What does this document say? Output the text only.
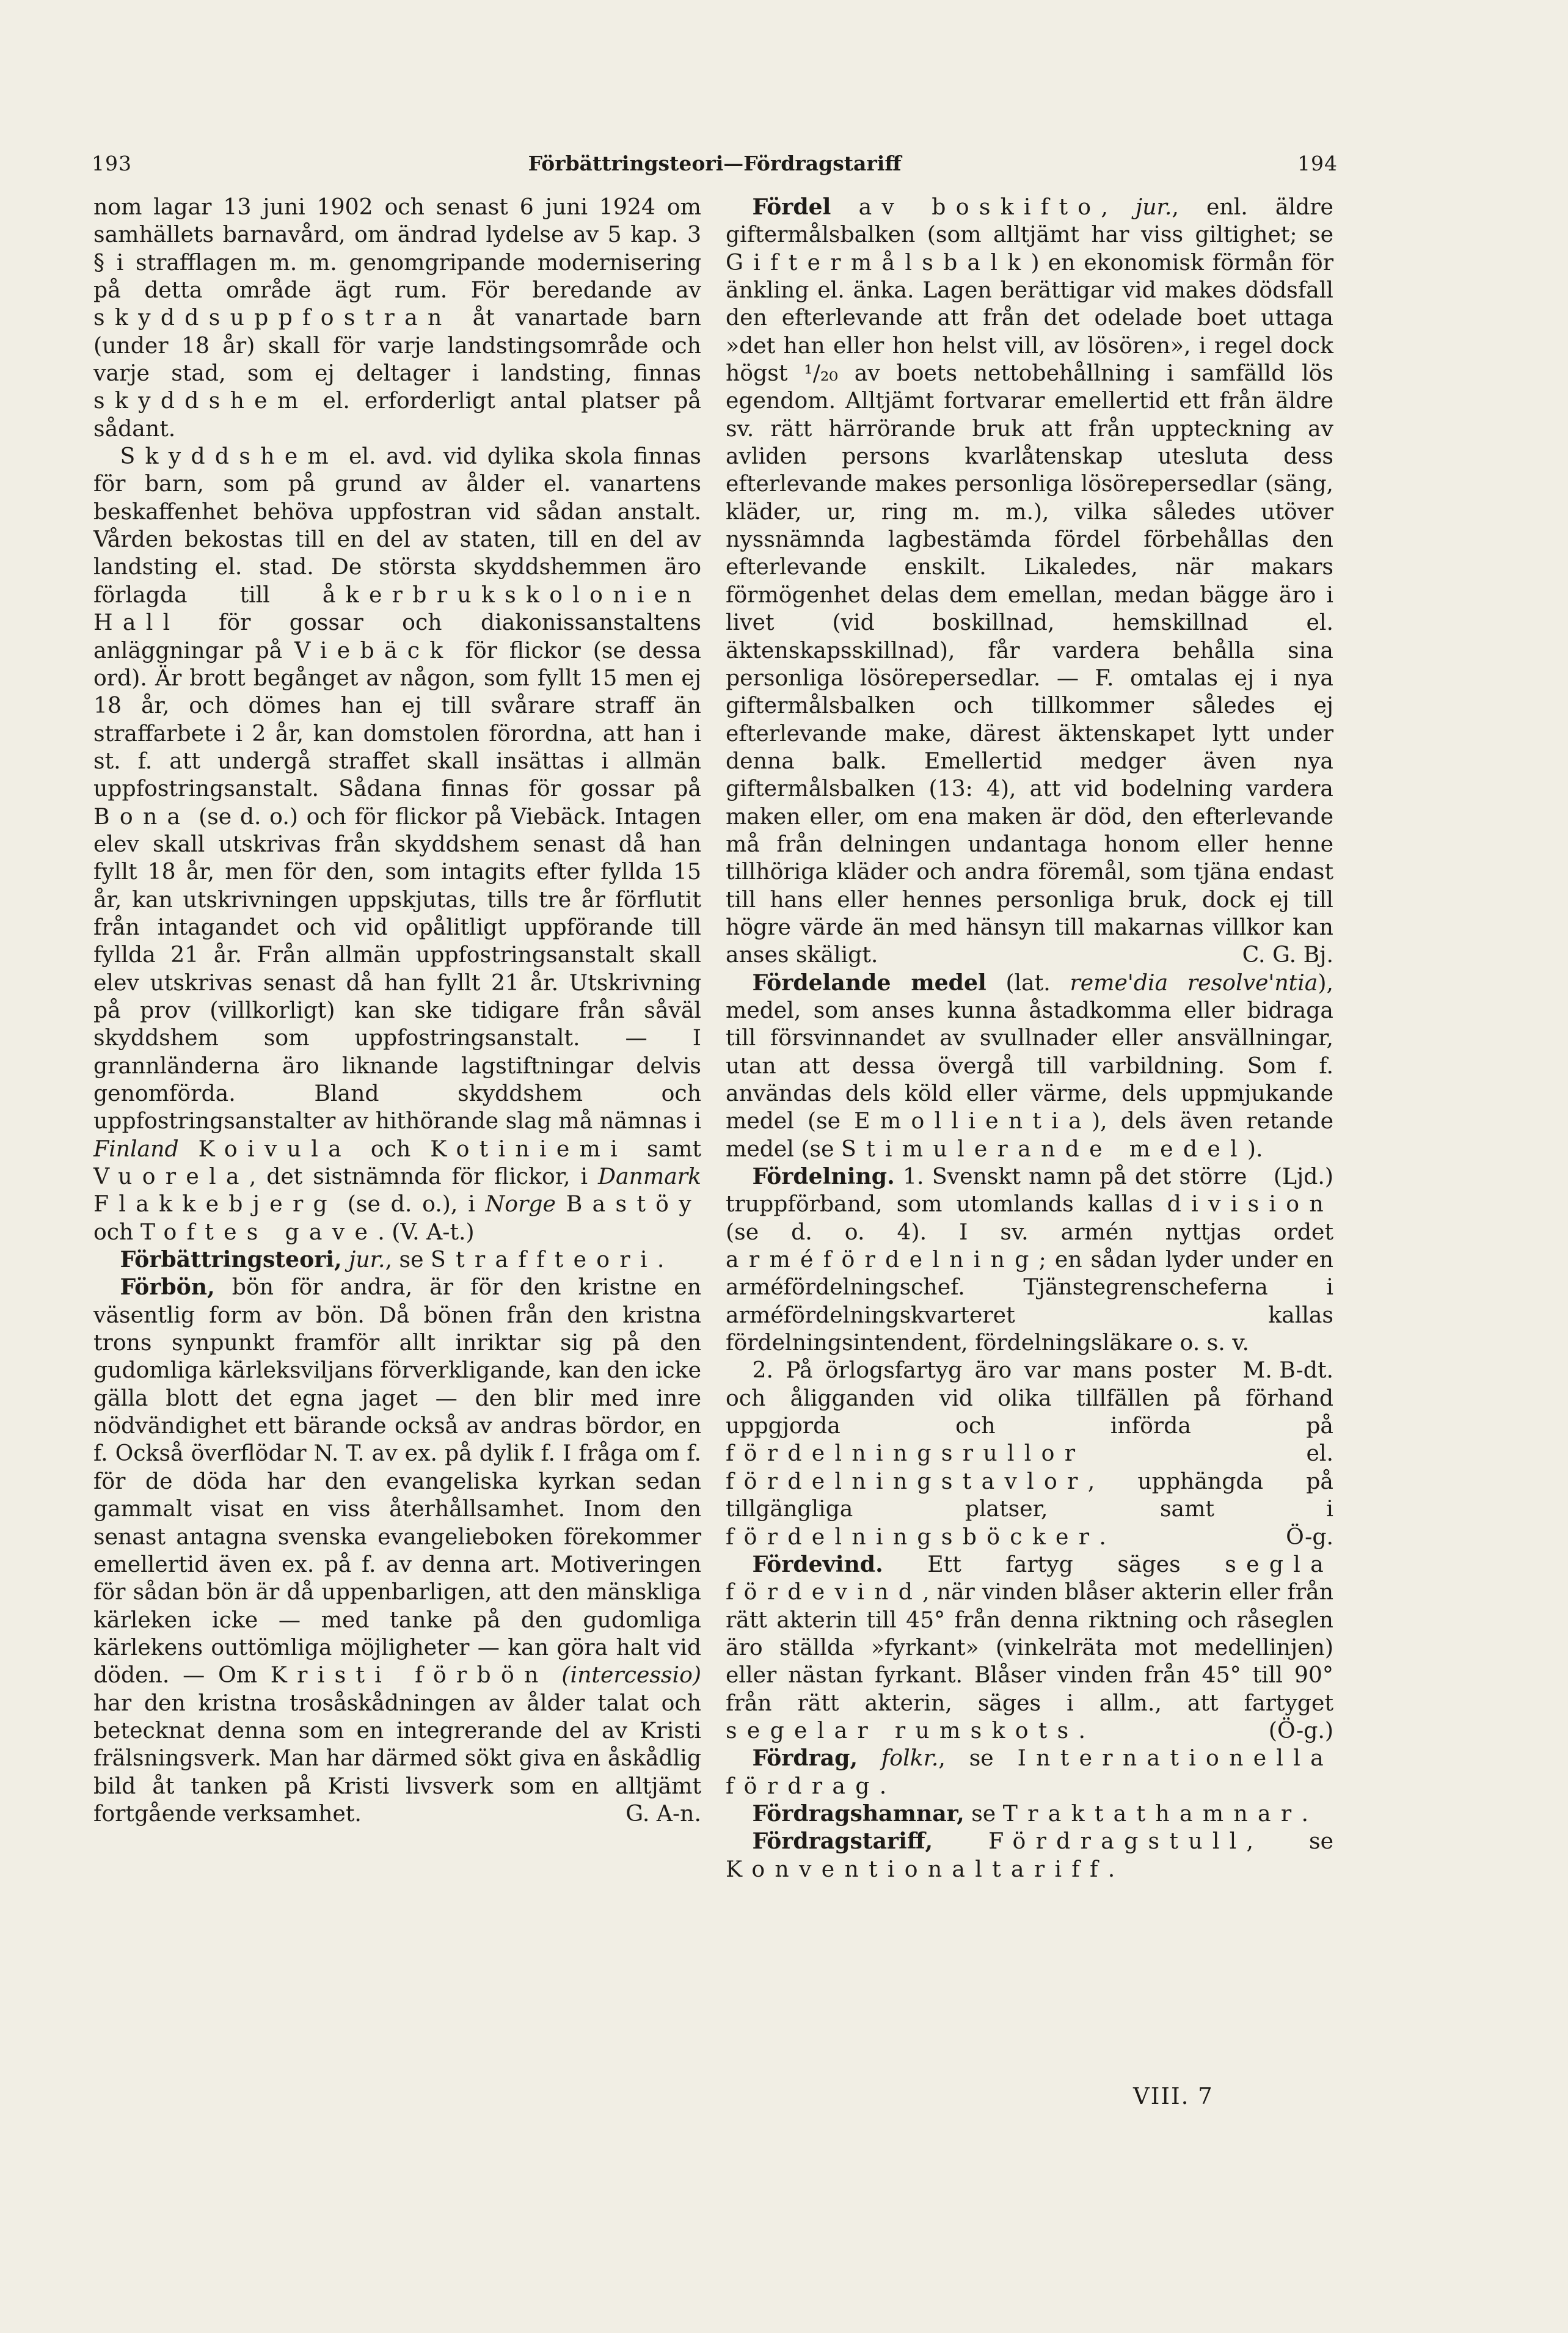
193	Förbättringsteori—Fördragstariff	194

nom lagar 13 juni 1902 och senast 6 juni 1924 om samhällets barnavård, om ändrad lydelse av 5 kap. 3 § i strafflagen m. m. genomgripande modernisering på detta område ägt rum. För beredande av skyddsuppfostran åt vanartade barn (under 18 år) skall för varje landstingsområde och varje stad, som ej deltager i landsting, finnas skyddshem el. erforderligt antal platser på sådant.

Skyddshem el. avd. vid dylika skola finnas för barn, som på grund av ålder el. vanartens beskaffenhet behöva uppfostran vid sådan anstalt. Vården bekostas till en del av staten, till en del av landsting el. stad. De största skyddshemmen äro förlagda till åkerbrukskolonien Hall för gossar och diakonissanstaltens anläggningar på Viebäck för flickor (se dessa ord). Är brott begånget av någon, som fyllt 15 men ej 18 år, och dömes han ej till svårare straff än straffarbete i 2 år, kan domstolen förordna, att han i st. f. att undergå straffet skall insättas i allmän uppfostringsanstalt. Sådana finnas för gossar på Bona (se d. o.) och för flickor på Viebäck. Intagen elev skall utskrivas från skyddshem senast då han fyllt 18 år, men för den, som intagits efter fyllda 15 år, kan utskrivningen uppskjutas, tills tre år förflutit från intagandet och vid opålitligt uppförande till fyllda 21 år. Från allmän uppfostringsanstalt skall elev utskrivas senast då han fyllt 21 år. Utskrivning på prov (villkorligt) kan ske tidigare från såväl skyddshem som uppfostringsanstalt. — I grannländerna äro liknande lagstiftningar delvis genomförda. Bland skyddshem och uppfostringsanstalter av hithörande slag må nämnas i Finland Koivula och Kotiniemi samt Vuorela, det sistnämnda för flickor, i Danmark Flakkebjerg (se d. o.), i Norge Bastöy och Toftes gave. (V. A-t.)

Förbättringsteori, jur., se Straffteori.

Förbön, bön för andra, är för den kristne en väsentlig form av bön. Då bönen från den kristna trons synpunkt framför allt inriktar sig på den gudomliga kärleksviljans förverkligande, kan den icke gälla blott det egna jaget — den blir med inre nödvändighet ett bärande också av andras bördor, en f. Också överflödar N. T. av ex. på dylik f. I fråga om f. för de döda har den evangeliska kyrkan sedan gammalt visat en viss återhållsamhet. Inom den senast antagna svenska evangelieboken förekommer emellertid även ex. på f. av denna art. Motiveringen för sådan bön är då uppenbarligen, att den mänskliga kärleken icke — med tanke på den gudomliga kärlekens outtömliga möjligheter — kan göra halt vid döden. — Om Kristi förbön (intercessio) har den kristna trosåskådningen av ålder talat och betecknat denna som en integrerande del av Kristi frälsningsverk. Man har därmed sökt giva en åskådlig bild åt tanken på Kristi livsverk som en alltjämt fortgående verksamhet.	G. A-n.

Fördel av boskifto, jur., enl. äldre giftermålsbalken (som alltjämt har viss giltighet; se Giftermålsbalk) en ekonomisk förmån för änkling el. änka. Lagen berättigar vid makes dödsfall den efterlevande att från det odelade boet uttaga »det han eller hon helst vill, av lösören», i regel dock högst ¹/₂₀ av boets nettobehållning i samfälld lös egendom. Alltjämt fortvarar emellertid ett från äldre sv. rätt härrörande bruk att från uppteckning av avliden persons kvarlåtenskap utesluta dess efterlevande makes personliga lösörepersedlar (säng, kläder, ur, ring m. m.), vilka således utöver nyssnämnda lagbestämda fördel förbehållas den efterlevande enskilt. Likaledes, när makars förmögenhet delas dem emellan, medan bägge äro i livet (vid boskillnad, hemskillnad el. äktenskapsskillnad), får vardera behålla sina personliga lösörepersedlar. — F. omtalas ej i nya giftermålsbalken och tillkommer således ej efterlevande make, därest äktenskapet lytt under denna balk. Emellertid medger även nya giftermålsbalken (13: 4), att vid bodelning vardera maken eller, om ena maken är död, den efterlevande må från delningen undantaga honom eller henne tillhöriga kläder och andra föremål, som tjäna endast till hans eller hennes personliga bruk, dock ej till högre värde än med hänsyn till makarnas villkor kan anses skäligt.	C. G. Bj.

Fördelande medel (lat. reme'dia resolve'ntia), medel, som anses kunna åstadkomma eller bidraga till försvinnandet av svullnader eller ansvällningar, utan att dessa övergå till varbildning. Som f. användas dels köld eller värme, dels uppmjukande medel (se Emollientia), dels även retande medel (se Stimulerande medel).
(Ljd.)

Fördelning. 1. Svenskt namn på det större truppförband, som utomlands kallas division (se d. o. 4). I sv. armén nyttjas ordet arméfördelning; en sådan lyder under en arméfördelningschef. Tjänstegrenscheferna i arméfördelningskvarteret kallas fördelningsintendent, fördelningsläkare o. s. v.
M. B-dt.

2. På örlogsfartyg äro var mans poster och åligganden vid olika tillfällen på förhand uppgjorda och införda på fördelningsrullor	el. fördelningstavlor, upphängda på tillgängliga platser, samt i fördelningsböcker.	Ö-g.

Fördevind. Ett fartyg säges segla fördevind, när vinden blåser akterin eller från rätt akterin till 45° från denna riktning och råseglen äro ställda »fyrkant» (vinkelräta mot medellinjen) eller nästan fyrkant. Blåser vinden från 45° till 90° från rätt akterin, säges i allm., att fartyget segelar rumskots.	(Ö-g.)

Fördrag, folkr., se Internationella fördrag.

Fördragshamnar, se Traktathamnar.

Fördragstariff,	Fördragstull, se Konventionaltariff.

VIII. 7
